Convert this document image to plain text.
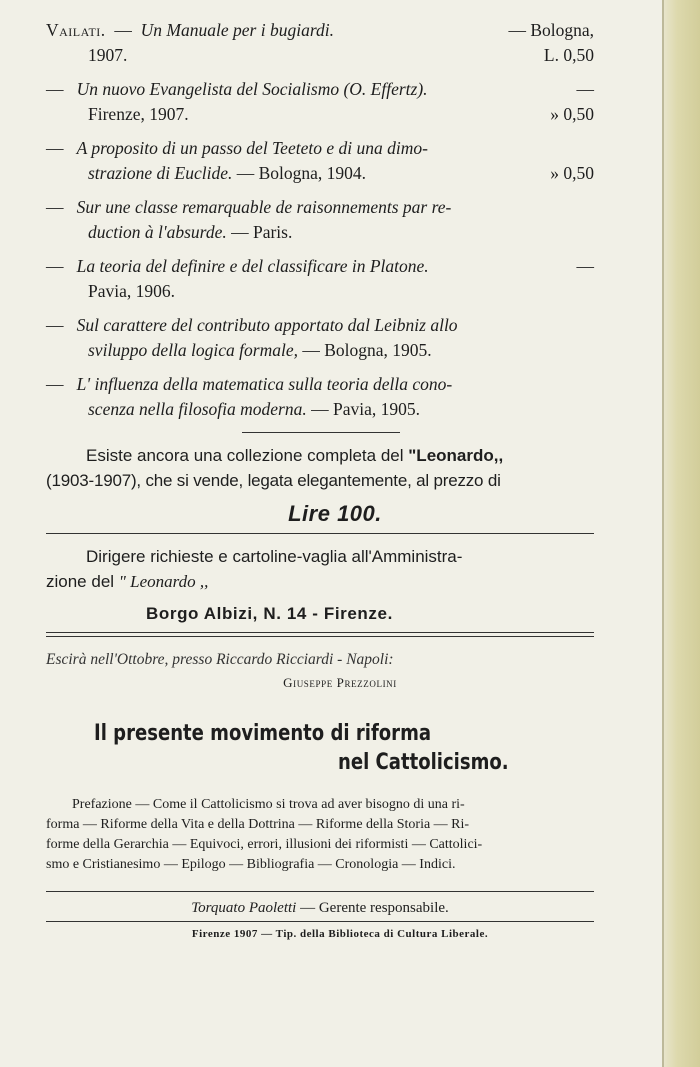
Vailati.
—
Un Manuale per i bugiardi.
	— Bologna,
1907.	L. 0,50
—
Un nuovo Evangelista del Socialismo (O. Effertz).	—
Firenze, 1907.	» 0,50
—
A proposito di un passo del Teeteto e di una dimo-
strazione di Euclide.
— Bologna, 1904.	» 0,50
—
Sur une classe remarquable de raisonnements par re-
duction à l'absurde.
— Paris.
—
La teoria del definire e del classificare in Platone.	—
Pavia, 1906.
—
Sul carattere del contributo apportato dal Leibniz allo
sviluppo della logica formale,
— Bologna, 1905.
—
L' influenza della matematica sulla teoria della cono-
scenza nella filosofia moderna.
— Pavia, 1905.
Esiste ancora una collezione completa del "Leonardo,,
(1903-1907), che si vende, legata elegantemente, al prezzo di
Lire 100.
Dirigere richieste e cartoline-vaglia all'Amministra-
zione del " Leonardo ,,
Borgo Albizi, N. 14 - Firenze.
Escirà nell'Ottobre, presso Riccardo Ricciardi - Napoli:
Giuseppe Prezzolini
Il presente movimento di riforma
nel Cattolicismo.
Prefazione — Come il Cattolicismo si trova ad aver bisogno di una ri-
forma — Riforme della Vita e della Dottrina — Riforme della Storia — Ri-
forme della Gerarchia — Equivoci, errori, illusioni dei riformisti — Cattolici-
smo e Cristianesimo — Epilogo — Bibliografia — Cronologia — Indici.
Torquato Paoletti — Gerente responsabile.
Firenze 1907 — Tip. della Biblioteca di Cultura Liberale.
